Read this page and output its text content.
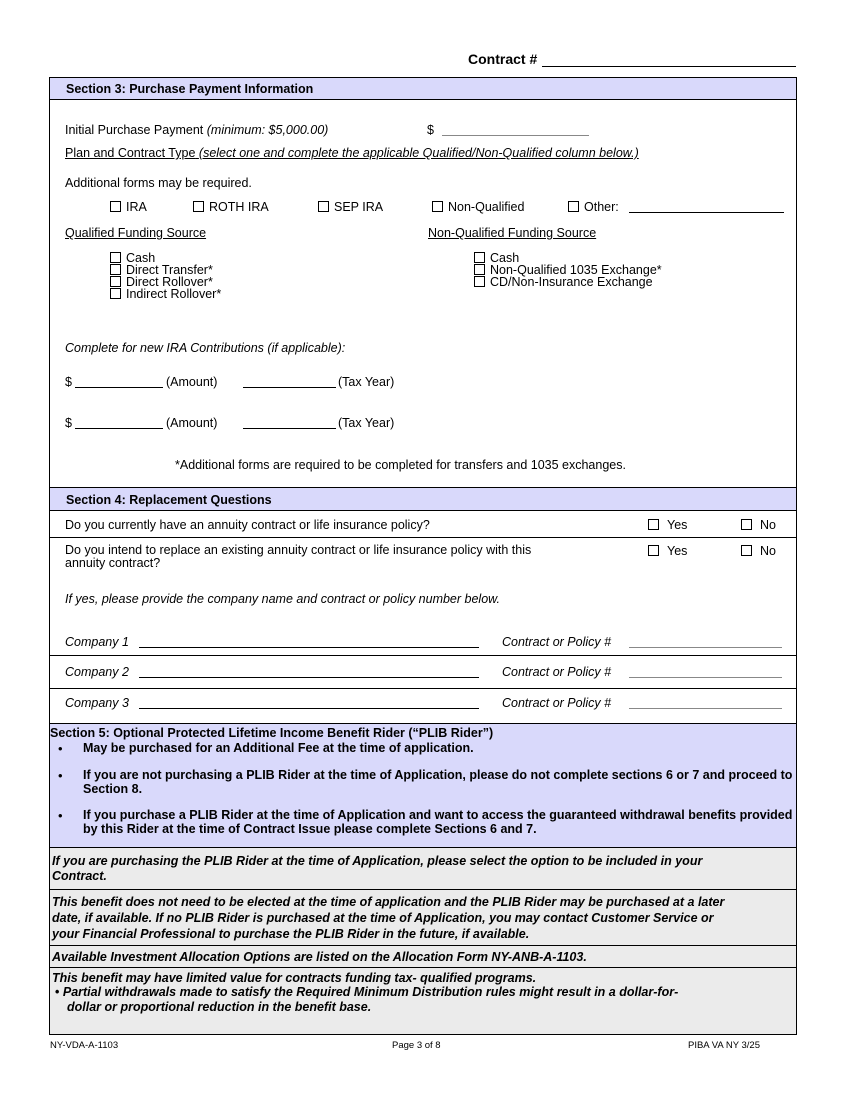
Contract #
Section 3: Purchase Payment Information
Initial Purchase Payment (minimum: $5,000.00)	$
Plan and Contract Type (select one and complete the applicable Qualified/Non-Qualified column below.)
Additional forms may be required.
IRA	ROTH IRA	SEP IRA	Non-Qualified	Other:
Qualified Funding Source	Non-Qualified Funding Source
Cash
Direct Transfer*
Direct Rollover*
Indirect Rollover*
Cash
Non-Qualified 1035 Exchange*
CD/Non-Insurance Exchange
Complete for new IRA Contributions (if applicable):
$	(Amount)	(Tax Year)
$	(Amount)	(Tax Year)
*Additional forms are required to be completed for transfers and 1035 exchanges.
Section 4: Replacement Questions
Do you currently have an annuity contract or life insurance policy?	Yes	No
Do you intend to replace an existing annuity contract or life insurance policy with this
annuity contract?
Yes	No
If yes, please provide the company name and contract or policy number below.
Company 1	Contract or Policy #
Company 2	Contract or Policy #
Company 3	Contract or Policy #
Section 5: Optional Protected Lifetime Income Benefit Rider (“PLIB Rider”)
• May be purchased for an Additional Fee at the time of application.
• If you are not purchasing a PLIB Rider at the time of Application, please do not complete sections 6 or 7 and proceed to Section 8.
• If you purchase a PLIB Rider at the time of Application and want to access the guaranteed withdrawal benefits provided by this Rider at the time of Contract Issue please complete Sections 6 and 7.
If you are purchasing the PLIB Rider at the time of Application, please select the option to be included in your
Contract.
This benefit does not need to be elected at the time of application and the PLIB Rider may be purchased at a later
date, if available. If no PLIB Rider is purchased at the time of Application, you may contact Customer Service or
your Financial Professional to purchase the PLIB Rider in the future, if available.
Available Investment Allocation Options are listed on the Allocation Form NY-ANB-A-1103.
This benefit may have limited value for contracts funding tax- qualified programs.
• Partial withdrawals made to satisfy the Required Minimum Distribution rules might result in a dollar-for-
dollar or proportional reduction in the benefit base.
NY-VDA-A-1103	Page 3 of 8	PIBA VA NY 3/25
